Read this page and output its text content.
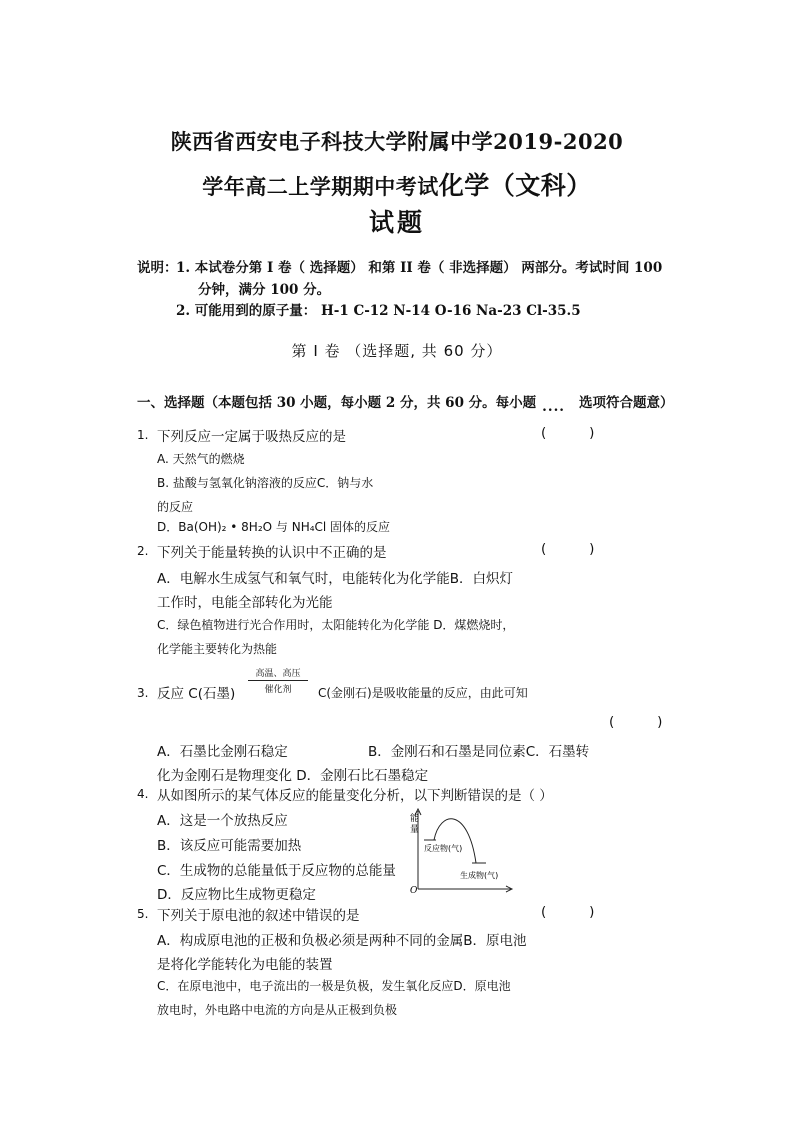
陕西省西安电子科技大学附属中学2019-2020
学年高二上学期期中考试化学（文科）
试题
说明：
1. 本试卷分第 I 卷（ 选择题） 和第 II 卷（ 非选择题） 两部分。考试时间 100
分钟，满分 100 分。
2. 可能用到的原子量： H-1 C-12 N-14 O-16 Na-23 Cl-35.5
第 I 卷 （选择题, 共 60 分）
一、选择题（本题包括 30 小题，每小题 2 分，共 60 分。每小题 .... 选项符合题意）
1. 下列反应一定属于吸热反应的是	(          )
A. 天然气的燃烧
B. 盐酸与氢氧化钠溶液的反应C．钠与水
的反应
D．Ba(OH)₂ • 8H₂O 与 NH₄Cl 固体的反应
2. 下列关于能量转换的认识中不正确的是	(          )
A．电解水生成氢气和氧气时，电能转化为化学能B．白炽灯
工作时，电能全部转化为光能
C．绿色植物进行光合作用时，太阳能转化为化学能 D．煤燃烧时，
化学能主要转化为热能
3. 反应 C(石墨)
高温、高压
催化剂	C(金刚石)是吸收能量的反应，由此可知
(          )
A．石墨比金刚石稳定	B．金刚石和石墨是同位素C．石墨转
化为金刚石是物理变化 D．金刚石比石墨稳定
4. 从如图所示的某气体反应的能量变化分析，以下判断错误的是（ ）
A．这是一个放热反应
B．该反应可能需要加热
C．生成物的总能量低于反应物的总能量
D．反应物比生成物更稳定
能
量
O
反应物(气)
生成物(气)
5. 下列关于原电池的叙述中错误的是	(          )
A．构成原电池的正极和负极必须是两种不同的金属B．原电池
是将化学能转化为电能的装置
C．在原电池中，电子流出的一极是负极，发生氧化反应D．原电池
放电时，外电路中电流的方向是从正极到负极
